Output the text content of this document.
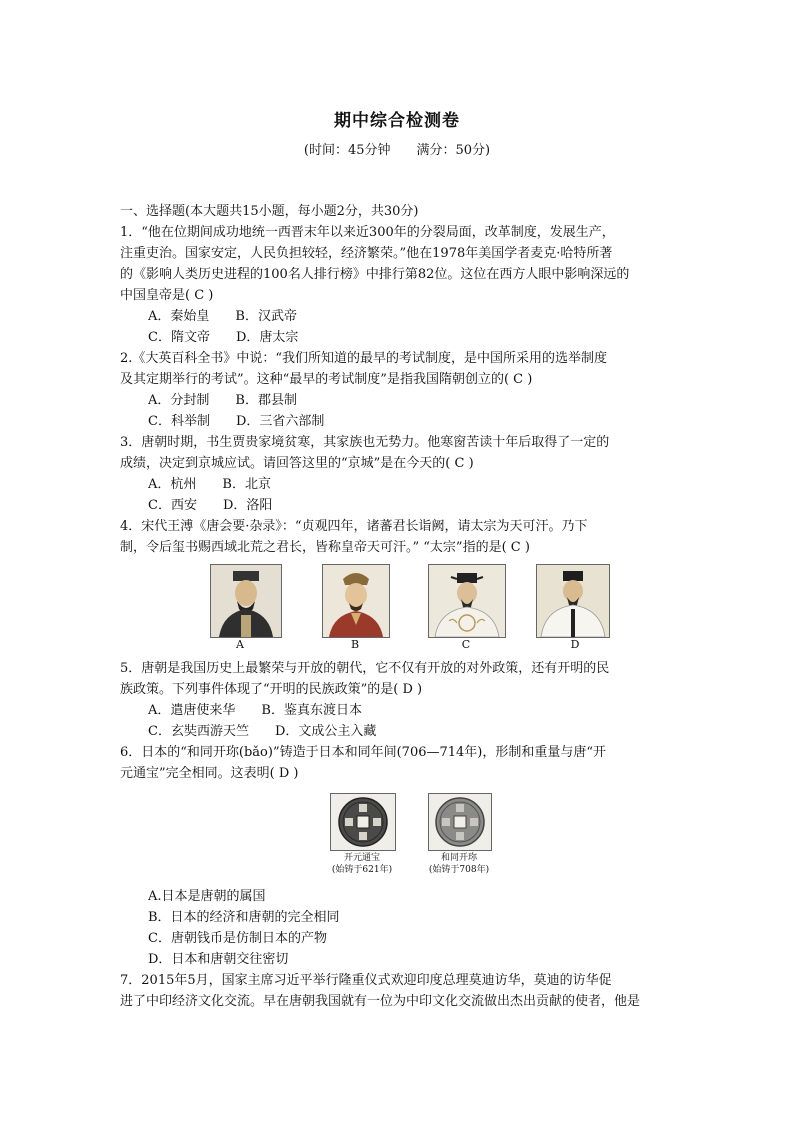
期中综合检测卷
(时间：45分钟　　满分：50分)
一、选择题(本大题共15小题，每小题2分，共30分)
1．“他在位期间成功地统一西晋末年以来近300年的分裂局面，改革制度，发展生产，
注重吏治。国家安定，人民负担较轻，经济繁荣。”他在1978年美国学者麦克·哈特所著
的《影响人类历史进程的100名人排行榜》中排行第82位。这位在西方人眼中影响深远的
中国皇帝是( C )
A．秦始皇　　B．汉武帝
C．隋文帝　　D．唐太宗
2.《大英百科全书》中说：“我们所知道的最早的考试制度，是中国所采用的选举制度
及其定期举行的考试”。这种“最早的考试制度”是指我国隋朝创立的( C )
A．分封制　　B．郡县制
C．科举制　　D．三省六部制
3．唐朝时期，书生贾贵家境贫寒，其家族也无势力。他寒窗苦读十年后取得了一定的
成绩，决定到京城应试。请回答这里的“京城”是在今天的( C )
A．杭州　　B．北京
C．西安　　D．洛阳
4．宋代王溥《唐会要·杂录》：“贞观四年，诸蕃君长诣阙，请太宗为天可汗。乃下
制，令后玺书赐西域北荒之君长，皆称皇帝天可汗。” “太宗”指的是( C )
A	B	C	D
5．唐朝是我国历史上最繁荣与开放的朝代，它不仅有开放的对外政策，还有开明的民
族政策。下列事件体现了“开明的民族政策”的是( D )
A．遣唐使来华　　B．鉴真东渡日本
C．玄奘西游天竺　　D．文成公主入藏
6．日本的“和同开珎(bǎo)”铸造于日本和同年间(706—714年)，形制和重量与唐“开
元通宝”完全相同。这表明( D )
开元通宝
(始铸于621年)
和同开珎
(始铸于708年)
A.日本是唐朝的属国
B．日本的经济和唐朝的完全相同
C．唐朝钱币是仿制日本的产物
D．日本和唐朝交往密切
7．2015年5月，国家主席习近平举行隆重仪式欢迎印度总理莫迪访华，莫迪的访华促
进了中印经济文化交流。早在唐朝我国就有一位为中印文化交流做出杰出贡献的使者，他是
